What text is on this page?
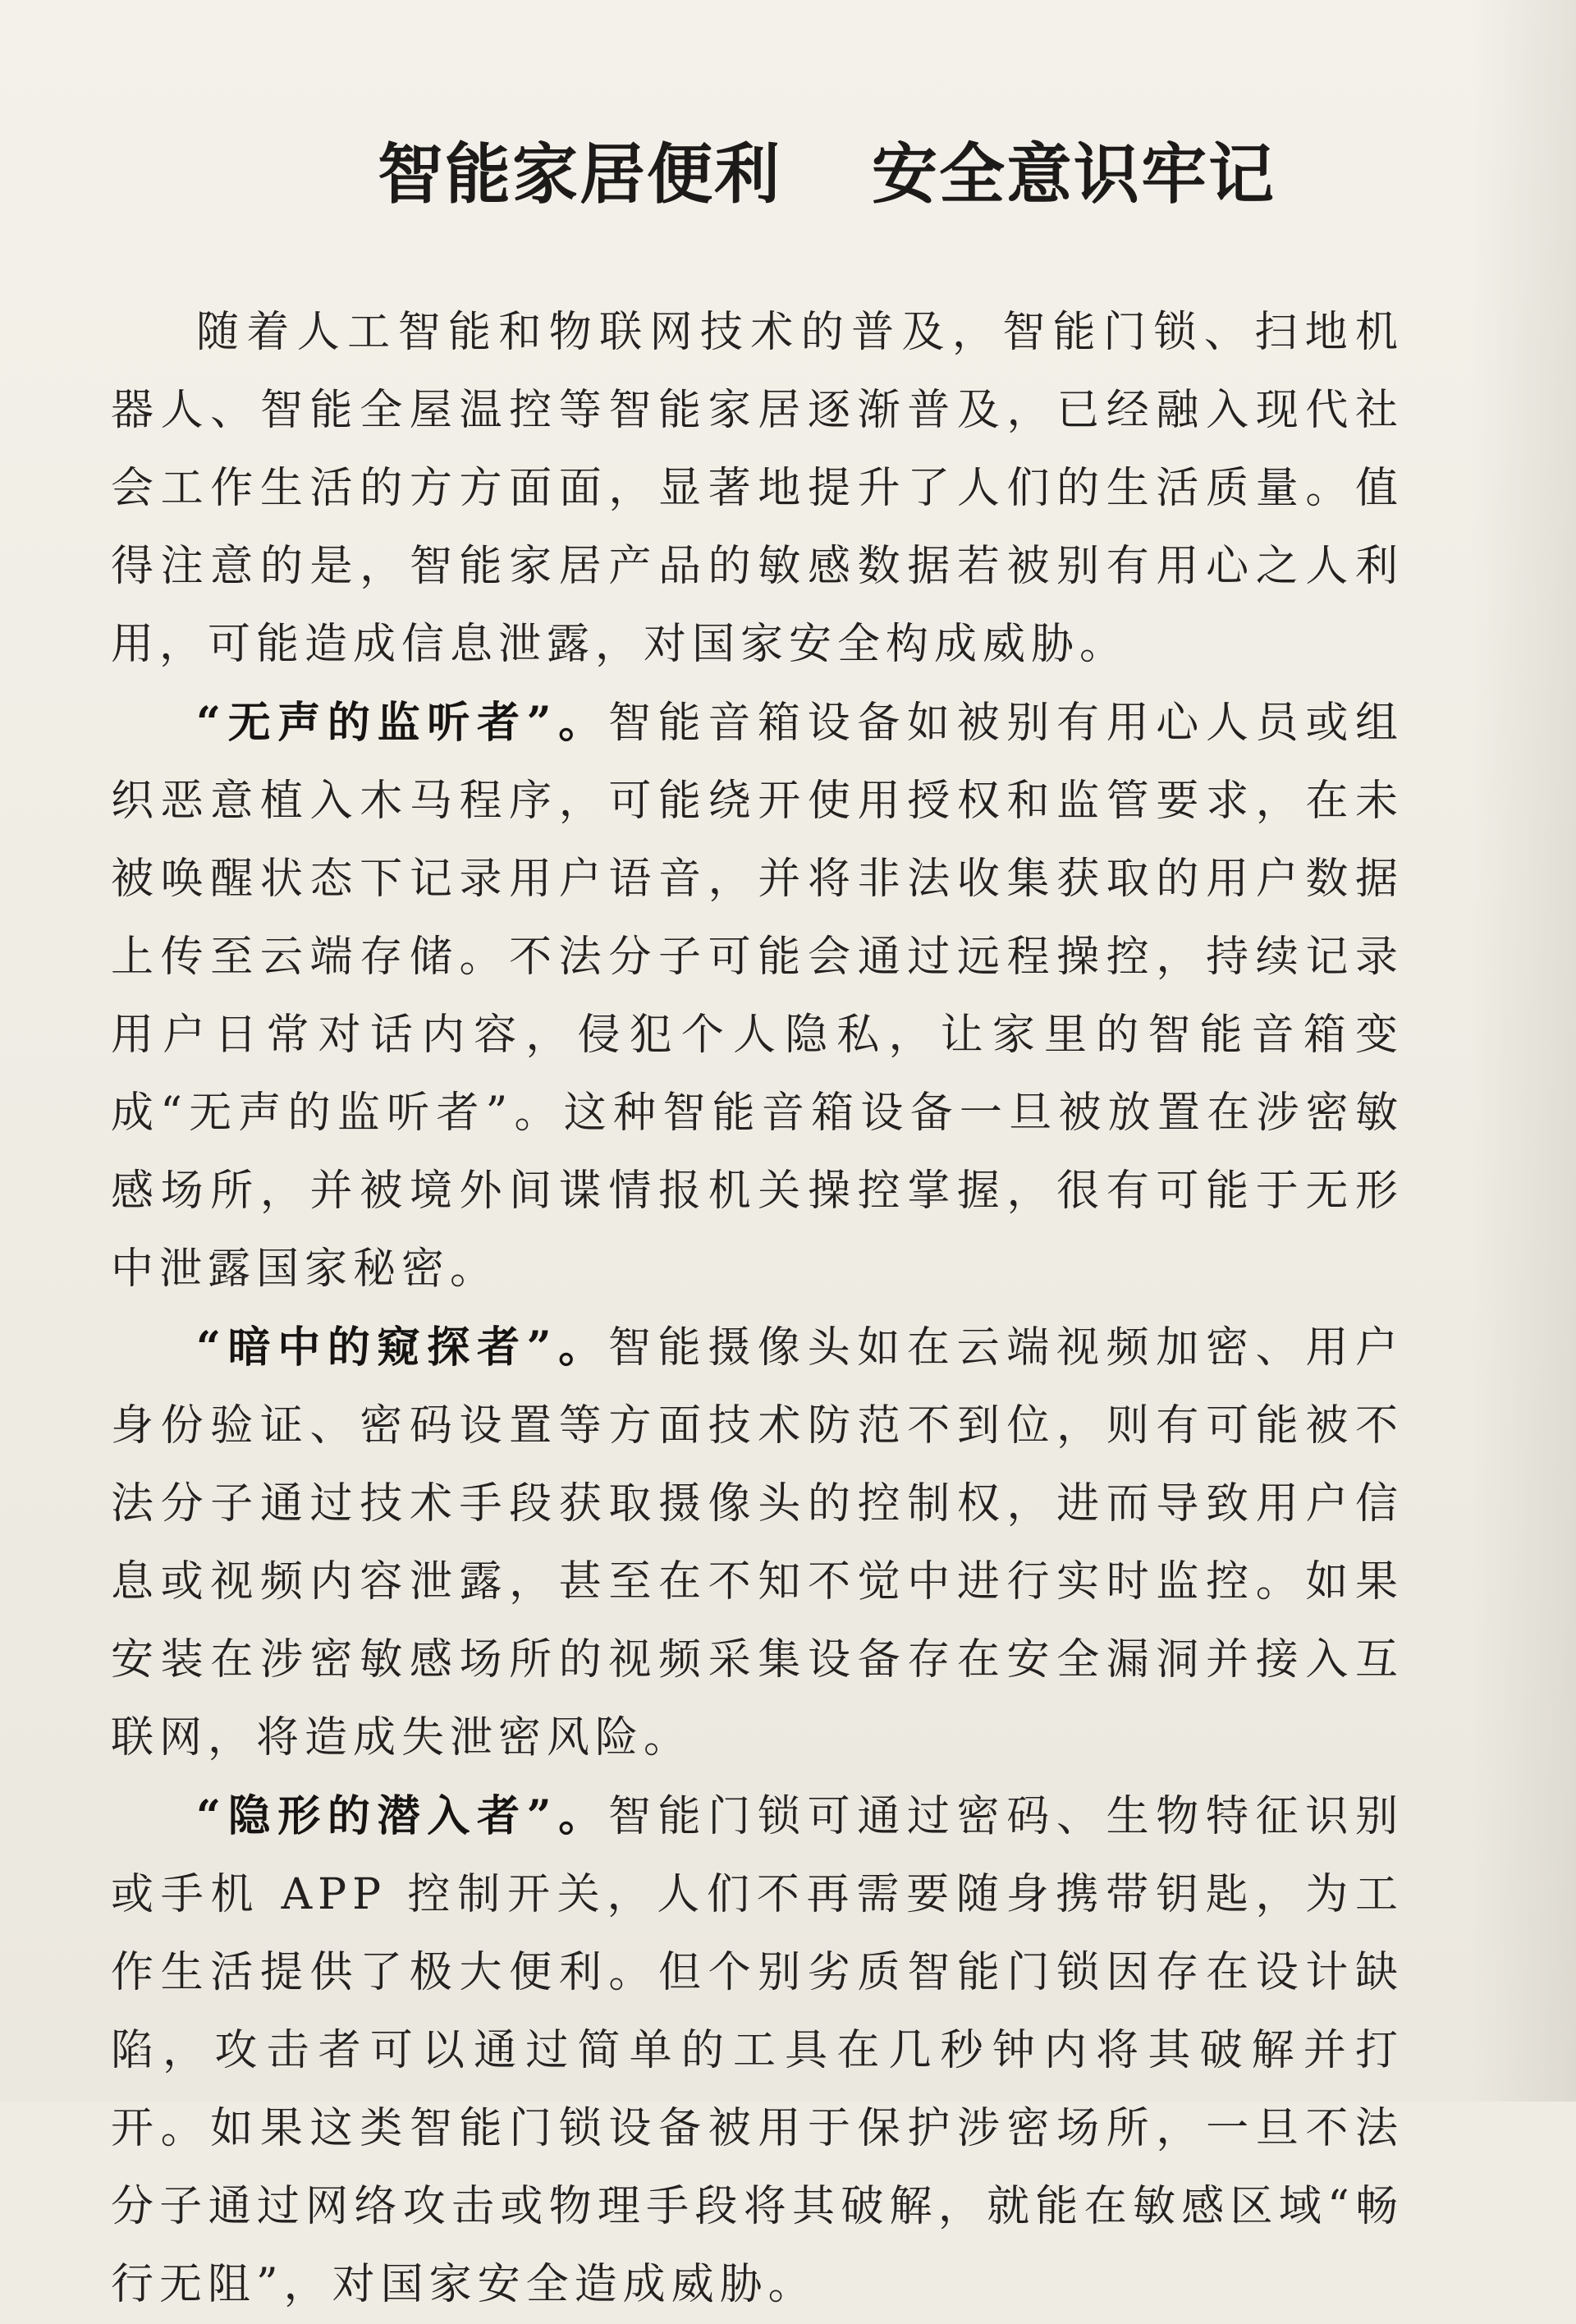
智能家居便利 安全意识牢记

随着人工智能和物联网技术的普及，智能门锁、扫地机器人、智能全屋温控等智能家居逐渐普及，已经融入现代社会工作生活的方方面面，显著地提升了人们的生活质量。值得注意的是，智能家居产品的敏感数据若被别有用心之人利用，可能造成信息泄露，对国家安全构成威胁。

“无声的监听者”。智能音箱设备如被别有用心人员或组织恶意植入木马程序，可能绕开使用授权和监管要求，在未被唤醒状态下记录用户语音，并将非法收集获取的用户数据上传至云端存储。不法分子可能会通过远程操控，持续记录用户日常对话内容，侵犯个人隐私，让家里的智能音箱变成“无声的监听者”。这种智能音箱设备一旦被放置在涉密敏感场所，并被境外间谍情报机关操控掌握，很有可能于无形中泄露国家秘密。

“暗中的窥探者”。智能摄像头如在云端视频加密、用户身份验证、密码设置等方面技术防范不到位，则有可能被不法分子通过技术手段获取摄像头的控制权，进而导致用户信息或视频内容泄露，甚至在不知不觉中进行实时监控。如果安装在涉密敏感场所的视频采集设备存在安全漏洞并接入互联网，将造成失泄密风险。

“隐形的潜入者”。智能门锁可通过密码、生物特征识别或手机 APP 控制开关，人们不再需要随身携带钥匙，为工作生活提供了极大便利。但个别劣质智能门锁因存在设计缺陷，攻击者可以通过简单的工具在几秒钟内将其破解并打开。如果这类智能门锁设备被用于保护涉密场所，一旦不法分子通过网络攻击或物理手段将其破解，就能在敏感区域“畅行无阻”，对国家安全造成威胁。
